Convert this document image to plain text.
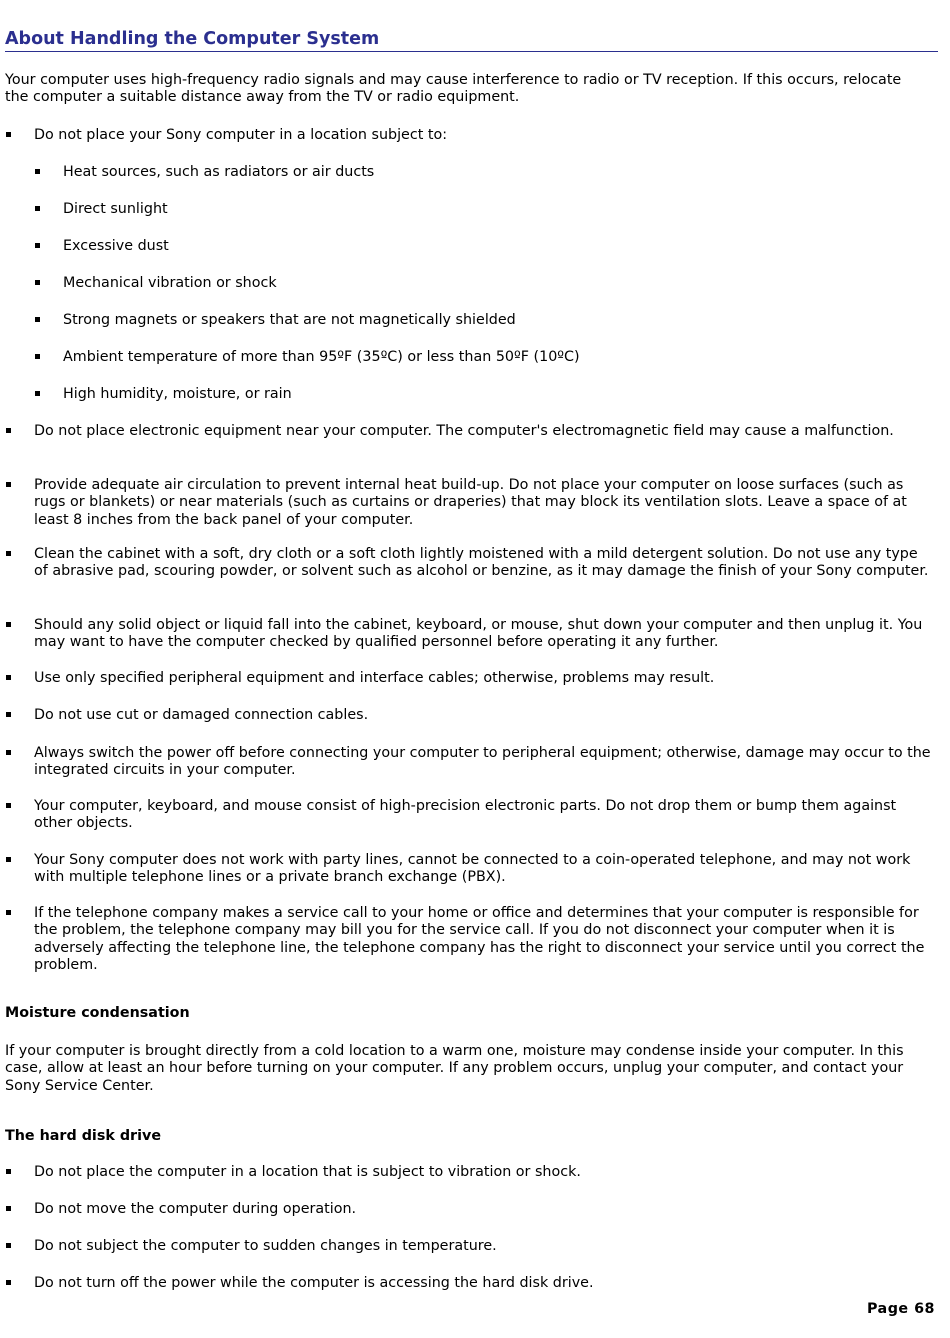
About Handling the Computer System

Your computer uses high-frequency radio signals and may cause interference to radio or TV reception. If this occurs, relocate the computer a suitable distance away from the TV or radio equipment.

Do not place your Sony computer in a location subject to:
Heat sources, such as radiators or air ducts
Direct sunlight
Excessive dust
Mechanical vibration or shock
Strong magnets or speakers that are not magnetically shielded
Ambient temperature of more than 95ºF (35ºC) or less than 50ºF (10ºC)
High humidity, moisture, or rain
Do not place electronic equipment near your computer. The computer's electromagnetic field may cause a malfunction.
Provide adequate air circulation to prevent internal heat build-up. Do not place your computer on loose surfaces (such as rugs or blankets) or near materials (such as curtains or draperies) that may block its ventilation slots. Leave a space of at least 8 inches from the back panel of your computer.
Clean the cabinet with a soft, dry cloth or a soft cloth lightly moistened with a mild detergent solution. Do not use any type of abrasive pad, scouring powder, or solvent such as alcohol or benzine, as it may damage the finish of your Sony computer.
Should any solid object or liquid fall into the cabinet, keyboard, or mouse, shut down your computer and then unplug it. You may want to have the computer checked by qualified personnel before operating it any further.
Use only specified peripheral equipment and interface cables; otherwise, problems may result.
Do not use cut or damaged connection cables.
Always switch the power off before connecting your computer to peripheral equipment; otherwise, damage may occur to the integrated circuits in your computer.
Your computer, keyboard, and mouse consist of high-precision electronic parts. Do not drop them or bump them against other objects.
Your Sony computer does not work with party lines, cannot be connected to a coin-operated telephone, and may not work with multiple telephone lines or a private branch exchange (PBX).
If the telephone company makes a service call to your home or office and determines that your computer is responsible for the problem, the telephone company may bill you for the service call. If you do not disconnect your computer when it is adversely affecting the telephone line, the telephone company has the right to disconnect your service until you correct the problem.
Moisture condensation

If your computer is brought directly from a cold location to a warm one, moisture may condense inside your computer. In this case, allow at least an hour before turning on your computer. If any problem occurs, unplug your computer, and contact your Sony Service Center.

The hard disk drive
Do not place the computer in a location that is subject to vibration or shock.
Do not move the computer during operation.
Do not subject the computer to sudden changes in temperature.
Do not turn off the power while the computer is accessing the hard disk drive.
Page 68
